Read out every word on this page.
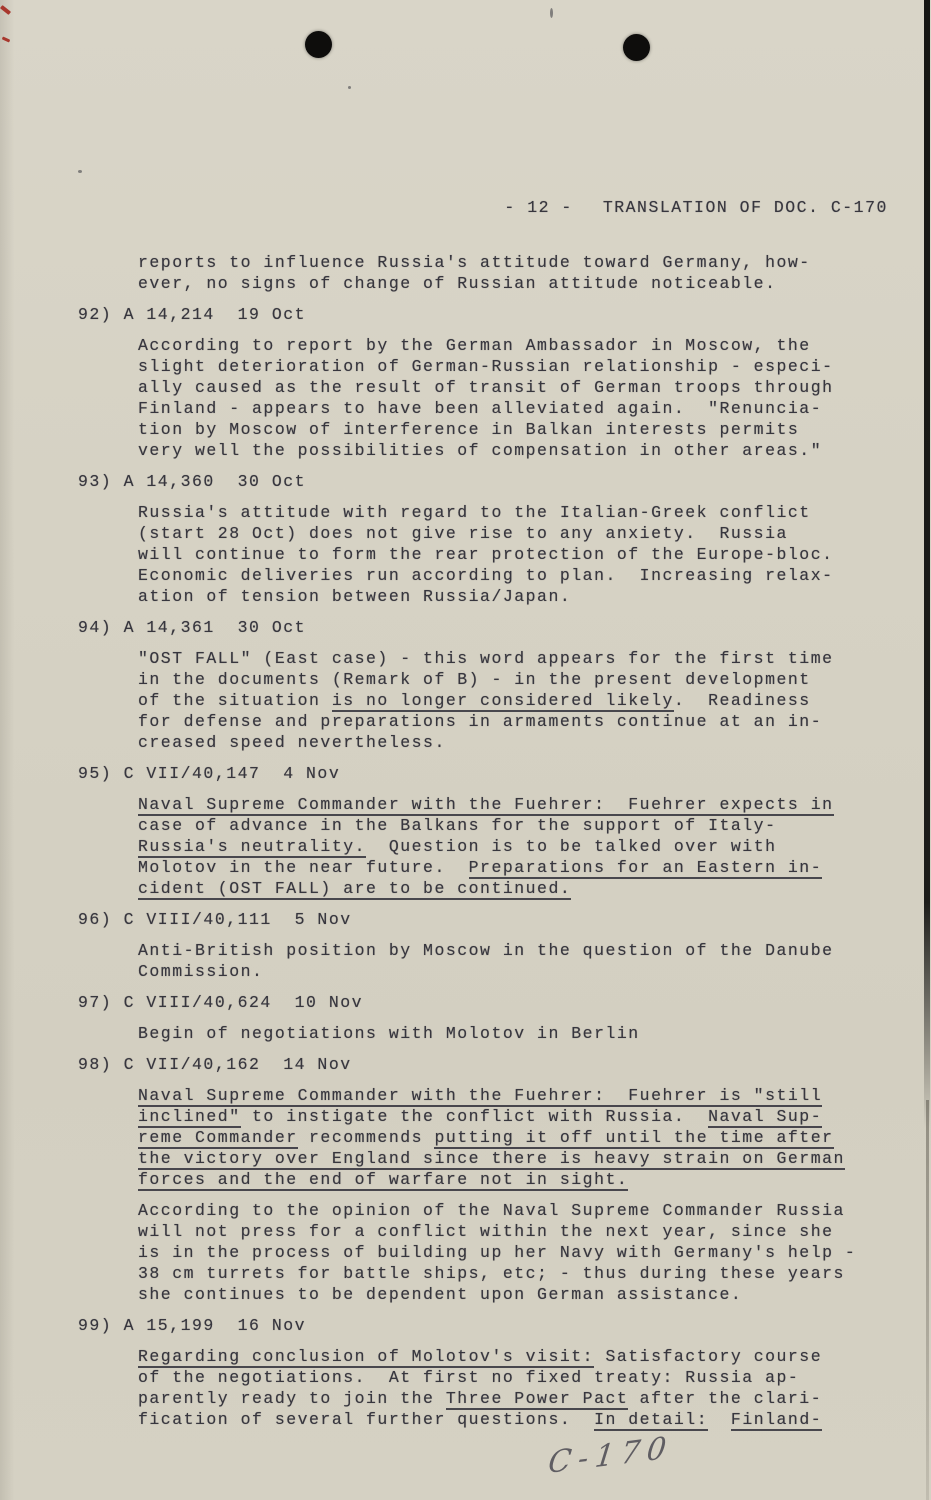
- 12 - TRANSLATION OF DOC. C-170

reports to influence Russia's attitude toward Germany, how-
ever, no signs of change of Russian attitude noticeable.
92) A 14,214  19 Oct
According to report by the German Ambassador in Moscow, the
slight deterioration of German-Russian relationship - especi-
ally caused as the result of transit of German troops through
Finland - appears to have been alleviated again.  "Renuncia-
tion by Moscow of interference in Balkan interests permits
very well the possibilities of compensation in other areas."
93) A 14,360  30 Oct
Russia's attitude with regard to the Italian-Greek conflict
(start 28 Oct) does not give rise to any anxiety.  Russia
will continue to form the rear protection of the Europe-bloc.
Economic deliveries run according to plan.  Increasing relax-
ation of tension between Russia/Japan.
94) A 14,361  30 Oct
"OST FALL" (East case) - this word appears for the first time
in the documents (Remark of B) - in the present development
of the situation is no longer considered likely.  Readiness
for defense and preparations in armaments continue at an in-
creased speed nevertheless.
95) C VII/40,147  4 Nov
Naval Supreme Commander with the Fuehrer:  Fuehrer expects in
case of advance in the Balkans for the support of Italy-
Russia's neutrality.  Question is to be talked over with
Molotov in the near future.  Preparations for an Eastern in-
cident (OST FALL) are to be continued.
96) C VIII/40,111  5 Nov
Anti-British position by Moscow in the question of the Danube
Commission.
97) C VIII/40,624  10 Nov
Begin of negotiations with Molotov in Berlin
98) C VII/40,162  14 Nov
Naval Supreme Commander with the Fuehrer:  Fuehrer is "still
inclined" to instigate the conflict with Russia.  Naval Sup-
reme Commander recommends putting it off until the time after
the victory over England since there is heavy strain on German
forces and the end of warfare not in sight.
According to the opinion of the Naval Supreme Commander Russia
will not press for a conflict within the next year, since she
is in the process of building up her Navy with Germany's help -
38 cm turrets for battle ships, etc; - thus during these years
she continues to be dependent upon German assistance.
99) A 15,199  16 Nov
Regarding conclusion of Molotov's visit: Satisfactory course
of the negotiations.  At first no fixed treaty: Russia ap-
parently ready to join the Three Power Pact after the clari-
fication of several further questions.  In detail: Finland-
C-170
